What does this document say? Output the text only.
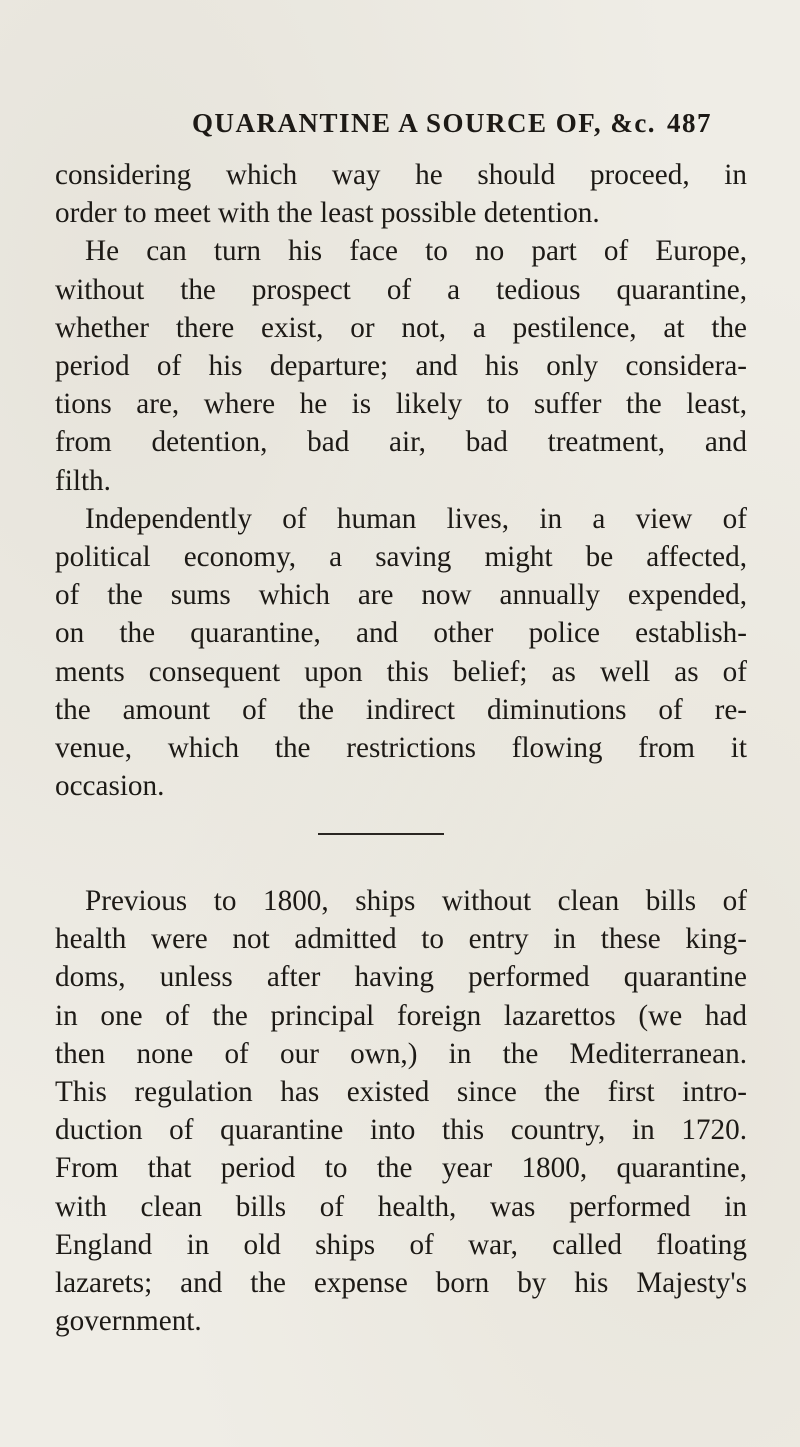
QUARANTINE A SOURCE OF, &c. 487
considering which way he should proceed, in
order to meet with the least possible detention.
He can turn his face to no part of Europe,
without the prospect of a tedious quarantine,
whether there exist, or not, a pestilence, at the
period of his departure; and his only considera-
tions are, where he is likely to suffer the least,
from detention, bad air, bad treatment, and
filth.
Independently of human lives, in a view of
political economy, a saving might be affected,
of the sums which are now annually expended,
on the quarantine, and other police establish-
ments consequent upon this belief; as well as of
the amount of the indirect diminutions of re-
venue, which the restrictions flowing from it
occasion.
Previous to 1800, ships without clean bills of
health were not admitted to entry in these king-
doms, unless after having performed quarantine
in one of the principal foreign lazarettos (we had
then none of our own,) in the Mediterranean.
This regulation has existed since the first intro-
duction of quarantine into this country, in 1720.
From that period to the year 1800, quarantine,
with clean bills of health, was performed in
England in old ships of war, called floating
lazarets; and the expense born by his Majesty's
government.
